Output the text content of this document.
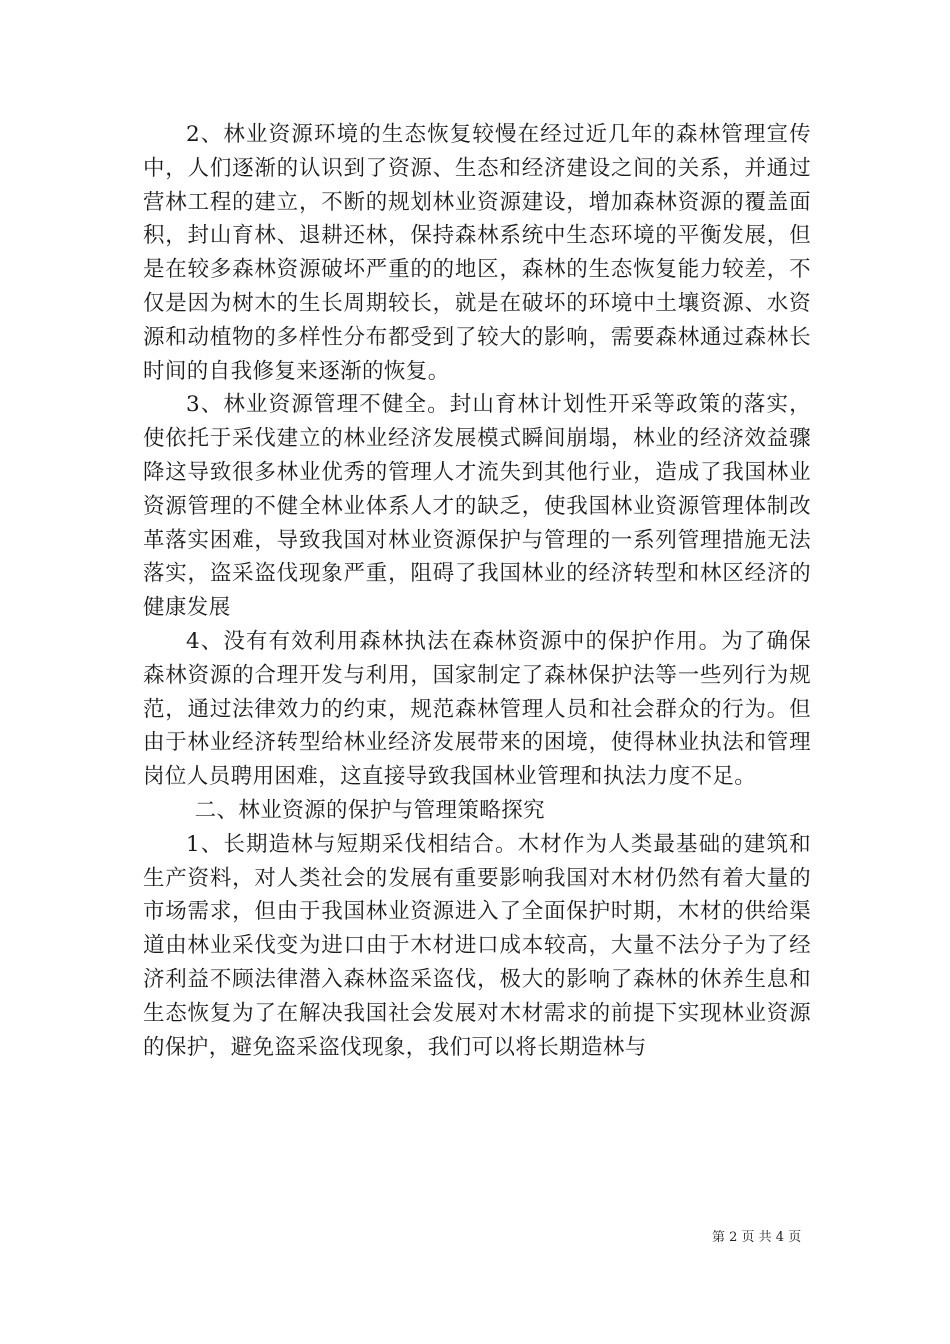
2、林业资源环境的生态恢复较慢在经过近几年的森林管理宣传中，人们逐渐的认识到了资源、生态和经济建设之间的关系，并通过营林工程的建立，不断的规划林业资源建设，增加森林资源的覆盖面积，封山育林、退耕还林，保持森林系统中生态环境的平衡发展，但是在较多森林资源破坏严重的的地区，森林的生态恢复能力较差，不仅是因为树木的生长周期较长，就是在破坏的环境中土壤资源、水资源和动植物的多样性分布都受到了较大的影响，需要森林通过森林长时间的自我修复来逐渐的恢复。

3、林业资源管理不健全。封山育林计划性开采等政策的落实，使依托于采伐建立的林业经济发展模式瞬间崩塌，林业的经济效益骤降这导致很多林业优秀的管理人才流失到其他行业，造成了我国林业资源管理的不健全林业体系人才的缺乏，使我国林业资源管理体制改革落实困难，导致我国对林业资源保护与管理的一系列管理措施无法落实，盗采盗伐现象严重，阻碍了我国林业的经济转型和林区经济的健康发展

4、没有有效利用森林执法在森林资源中的保护作用。为了确保森林资源的合理开发与利用，国家制定了森林保护法等一些列行为规范，通过法律效力的约束，规范森林管理人员和社会群众的行为。但由于林业经济转型给林业经济发展带来的困境，使得林业执法和管理岗位人员聘用困难，这直接导致我国林业管理和执法力度不足。

二、林业资源的保护与管理策略探究

1、长期造林与短期采伐相结合。木材作为人类最基础的建筑和生产资料，对人类社会的发展有重要影响我国对木材仍然有着大量的市场需求，但由于我国林业资源进入了全面保护时期，木材的供给渠道由林业采伐变为进口由于木材进口成本较高，大量不法分子为了经济利益不顾法律潜入森林盗采盗伐，极大的影响了森林的休养生息和生态恢复为了在解决我国社会发展对木材需求的前提下实现林业资源的保护，避免盗采盗伐现象，我们可以将长期造林与

第 2 页 共 4 页
